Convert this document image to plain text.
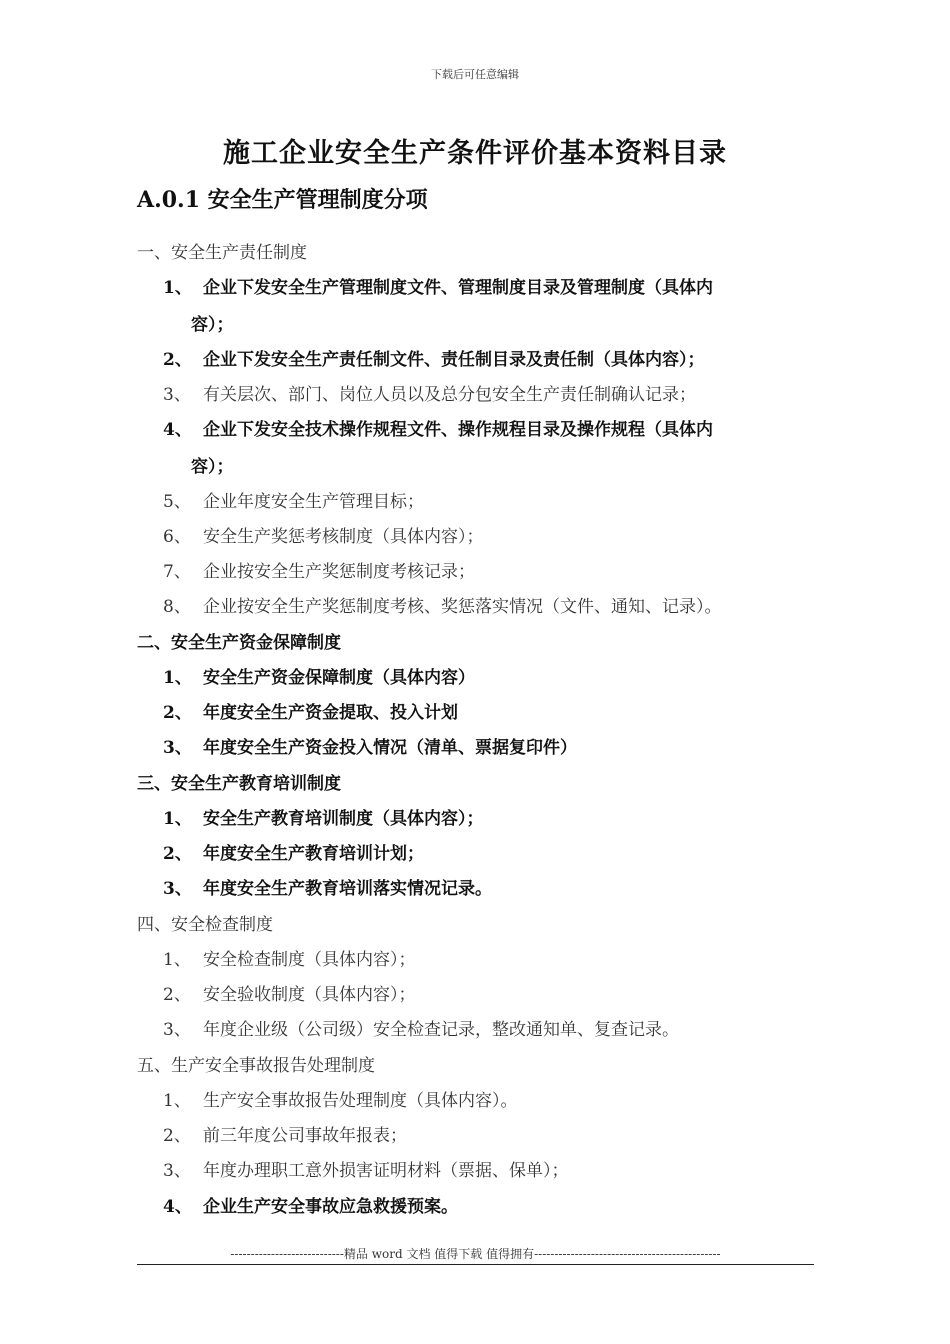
下载后可任意编辑
施工企业安全生产条件评价基本资料目录
A.0.1 安全生产管理制度分项
一、安全生产责任制度
1、 企业下发安全生产管理制度文件、管理制度目录及管理制度（具体内
容）；
2、 企业下发安全生产责任制文件、责任制目录及责任制（具体内容）；
3、 有关层次、部门、岗位人员以及总分包安全生产责任制确认记录；
4、 企业下发安全技术操作规程文件、操作规程目录及操作规程（具体内
容）；
5、 企业年度安全生产管理目标；
6、 安全生产奖惩考核制度（具体内容）；
7、 企业按安全生产奖惩制度考核记录；
8、 企业按安全生产奖惩制度考核、奖惩落实情况（文件、通知、记录）。
二、安全生产资金保障制度
1、 安全生产资金保障制度（具体内容）
2、 年度安全生产资金提取、投入计划
3、 年度安全生产资金投入情况（清单、票据复印件）
三、安全生产教育培训制度
1、 安全生产教育培训制度（具体内容）；
2、 年度安全生产教育培训计划；
3、 年度安全生产教育培训落实情况记录。
四、安全检查制度
1、 安全检查制度（具体内容）；
2、 安全验收制度（具体内容）；
3、 年度企业级（公司级）安全检查记录，整改通知单、复查记录。
五、生产安全事故报告处理制度
1、 生产安全事故报告处理制度（具体内容）。
2、 前三年度公司事故年报表；
3、 年度办理职工意外损害证明材料（票据、保单）；
4、 企业生产安全事故应急救援预案。
----------------------------精品 word 文档 值得下载 值得拥有----------------------------------------------
